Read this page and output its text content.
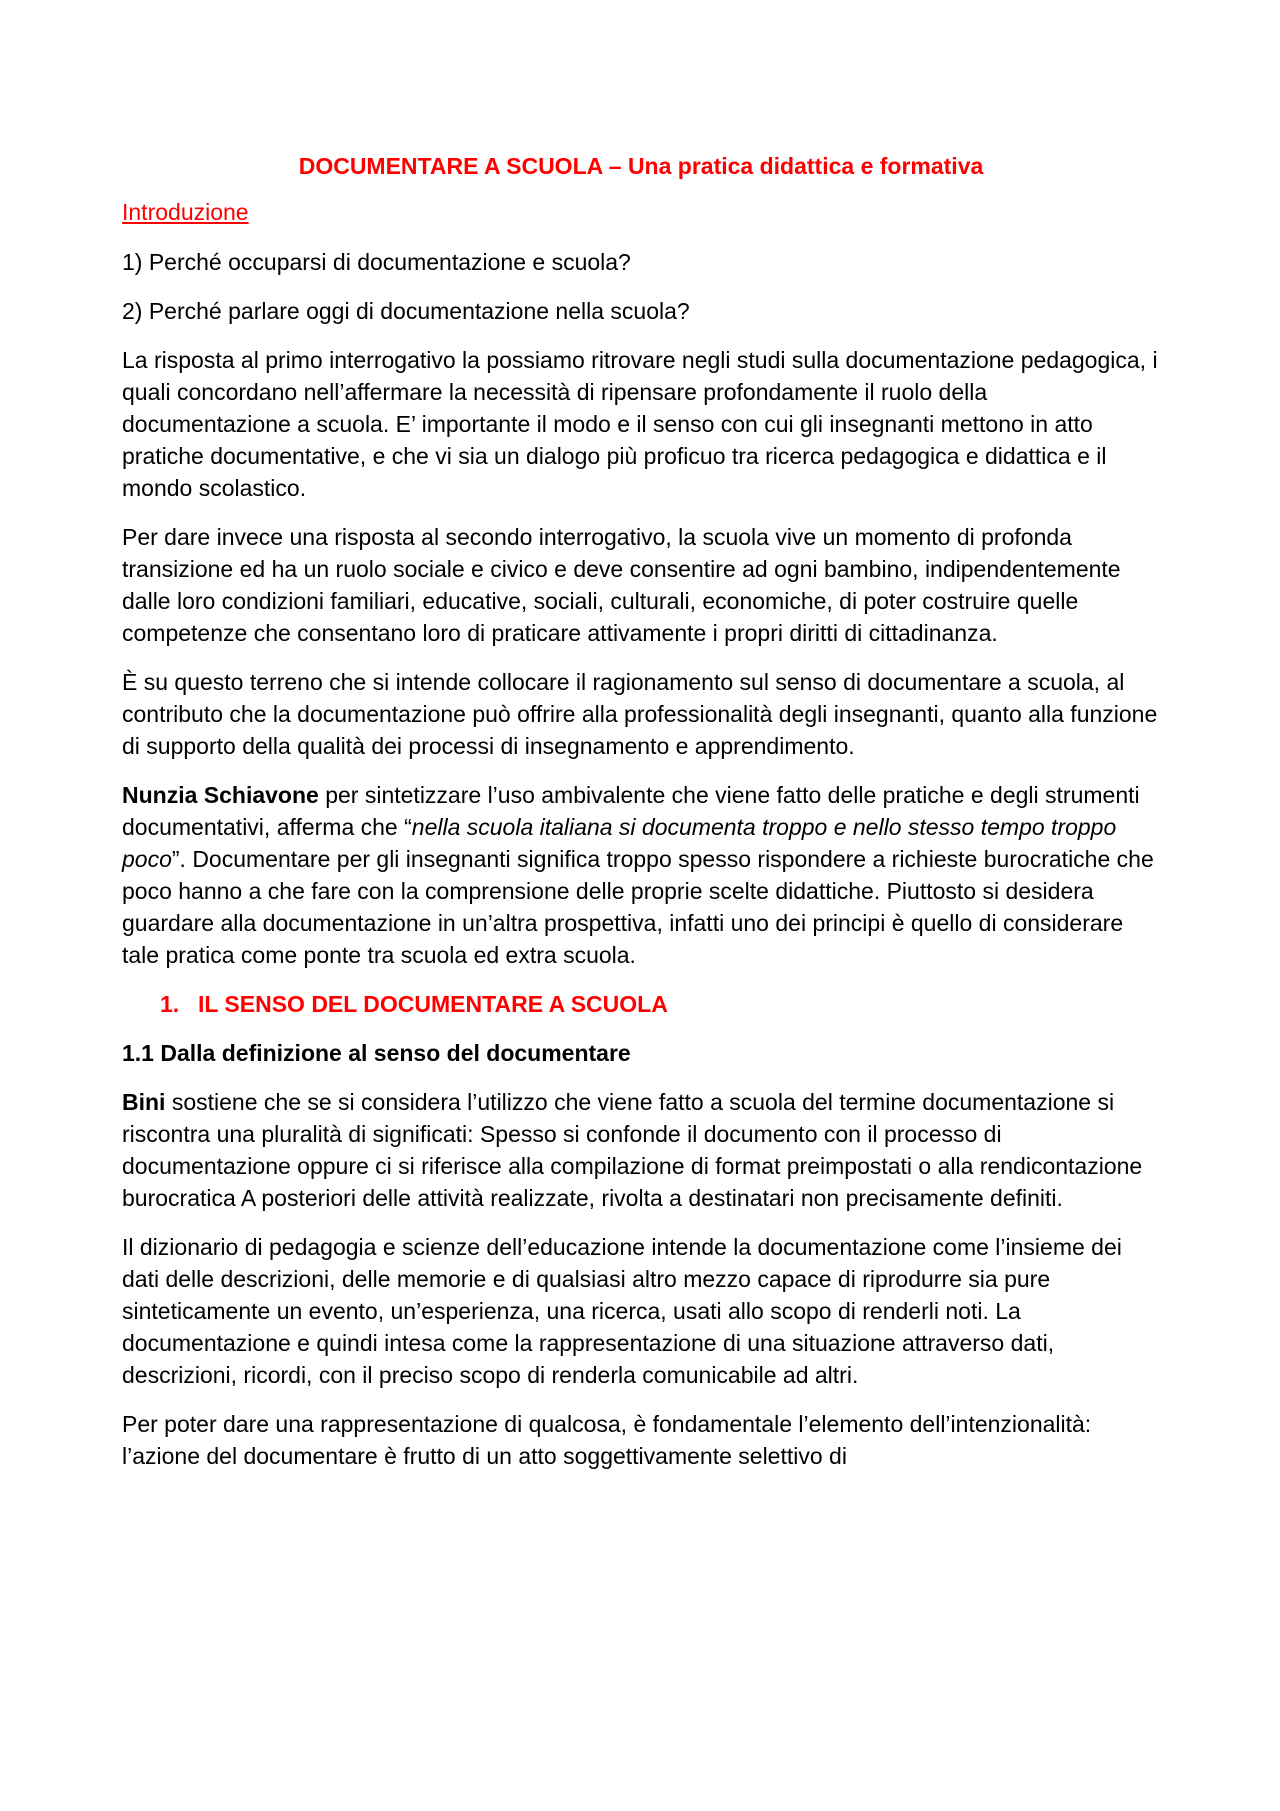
DOCUMENTARE A SCUOLA – Una pratica didattica e formativa
Introduzione

1) Perché occuparsi di documentazione e scuola?

2) Perché parlare oggi di documentazione nella scuola?

La risposta al primo interrogativo la possiamo ritrovare negli studi sulla documentazione pedagogica, i quali concordano nell’affermare la necessità di ripensare profondamente il ruolo della documentazione a scuola. E’ importante il modo e il senso con cui gli insegnanti mettono in atto pratiche documentative, e che vi sia un dialogo più proficuo tra ricerca pedagogica e didattica e il mondo scolastico.

Per dare invece una risposta al secondo interrogativo, la scuola vive un momento di profonda transizione ed ha un ruolo sociale e civico e deve consentire ad ogni bambino, indipendentemente dalle loro condizioni familiari, educative, sociali, culturali, economiche, di poter costruire quelle competenze che consentano loro di praticare attivamente i propri diritti di cittadinanza.

È su questo terreno che si intende collocare il ragionamento sul senso di documentare a scuola, al contributo che la documentazione può offrire alla professionalità degli insegnanti, quanto alla funzione di supporto della qualità dei processi di insegnamento e apprendimento.

Nunzia Schiavone per sintetizzare l’uso ambivalente che viene fatto delle pratiche e degli strumenti documentativi, afferma che “nella scuola italiana si documenta troppo e nello stesso tempo troppo poco”. Documentare per gli insegnanti significa troppo spesso rispondere a richieste burocratiche che poco hanno a che fare con la comprensione delle proprie scelte didattiche. Piuttosto si desidera guardare alla documentazione in un’altra prospettiva, infatti uno dei principi è quello di considerare tale pratica come ponte tra scuola ed extra scuola.

1. IL SENSO DEL DOCUMENTARE A SCUOLA
1.1 Dalla definizione al senso del documentare

Bini sostiene che se si considera l’utilizzo che viene fatto a scuola del termine documentazione si riscontra una pluralità di significati: Spesso si confonde il documento con il processo di documentazione oppure ci si riferisce alla compilazione di format preimpostati o alla rendicontazione burocratica A posteriori delle attività realizzate, rivolta a destinatari non precisamente definiti.

Il dizionario di pedagogia e scienze dell’educazione intende la documentazione come l’insieme dei dati delle descrizioni, delle memorie e di qualsiasi altro mezzo capace di riprodurre sia pure sinteticamente un evento, un’esperienza, una ricerca, usati allo scopo di renderli noti. La documentazione e quindi intesa come la rappresentazione di una situazione attraverso dati, descrizioni, ricordi, con il preciso scopo di renderla comunicabile ad altri.

Per poter dare una rappresentazione di qualcosa, è fondamentale l’elemento dell’intenzionalità: l’azione del documentare è frutto di un atto soggettivamente selettivo di
